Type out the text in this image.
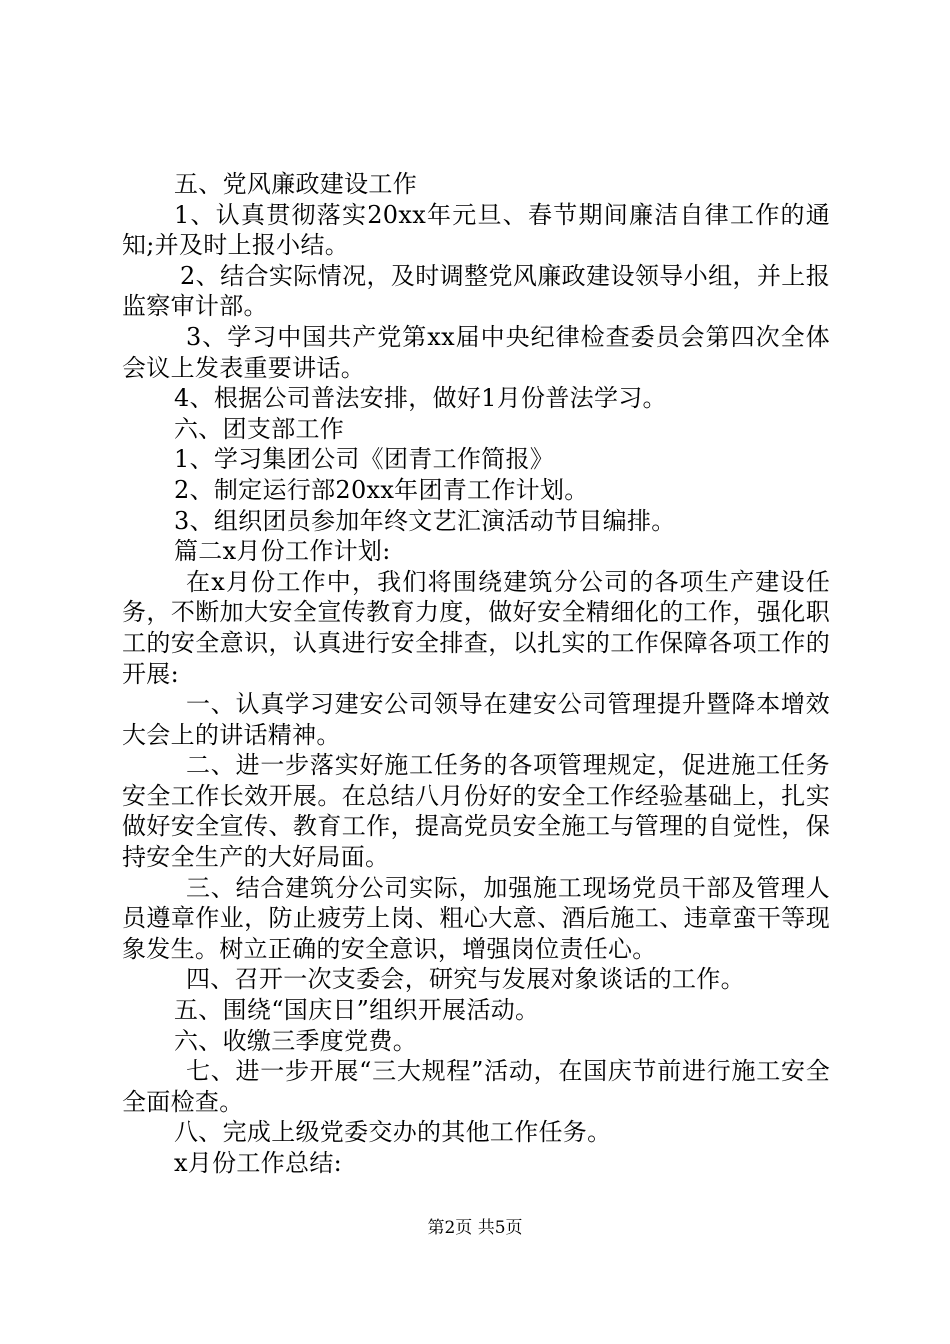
五、党风廉政建设工作

1、认真贯彻落实20xx年元旦、春节期间廉洁自律工作的通知;并及时上报小结。

2、结合实际情况，及时调整党风廉政建设领导小组，并上报监察审计部。

3、学习中国共产党第xx届中央纪律检查委员会第四次全体会议上发表重要讲话。

4、根据公司普法安排，做好1月份普法学习。

六、团支部工作

1、学习集团公司《团青工作简报》

2、制定运行部20xx年团青工作计划。

3、组织团员参加年终文艺汇演活动节目编排。

篇二x月份工作计划:

在x月份工作中，我们将围绕建筑分公司的各项生产建设任务，不断加大安全宣传教育力度，做好安全精细化的工作，强化职工的安全意识，认真进行安全排查，以扎实的工作保障各项工作的开展:

一、认真学习建安公司领导在建安公司管理提升暨降本增效大会上的讲话精神。

二、进一步落实好施工任务的各项管理规定，促进施工任务安全工作长效开展。在总结八月份好的安全工作经验基础上，扎实做好安全宣传、教育工作，提高党员安全施工与管理的自觉性，保持安全生产的大好局面。

三、结合建筑分公司实际，加强施工现场党员干部及管理人员遵章作业，防止疲劳上岗、粗心大意、酒后施工、违章蛮干等现象发生。树立正确的安全意识，增强岗位责任心。

四、召开一次支委会，研究与发展对象谈话的工作。

五、围绕“国庆日”组织开展活动。

六、收缴三季度党费。

七、进一步开展“三大规程”活动，在国庆节前进行施工安全全面检查。

八、完成上级党委交办的其他工作任务。

x月份工作总结:

第2页 共5页
